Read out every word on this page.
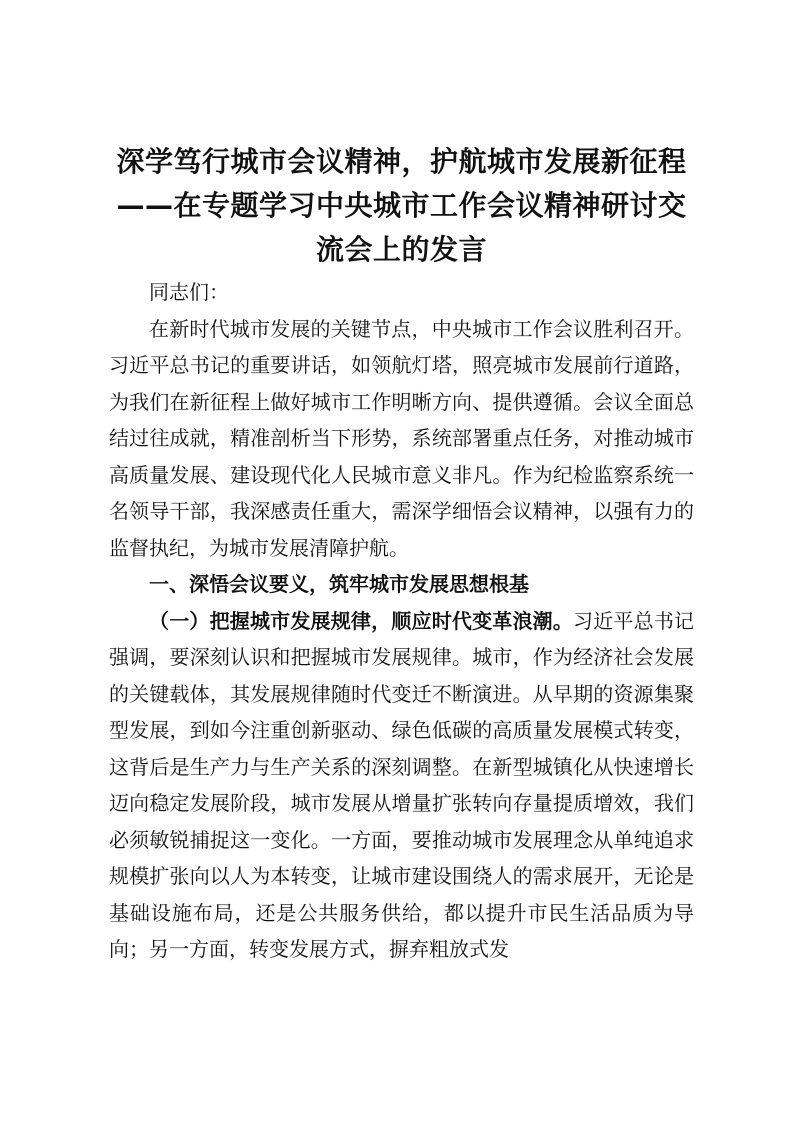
深学笃行城市会议精神，护航城市发展新征程
——在专题学习中央城市工作会议精神研讨交
流会上的发言

同志们：

在新时代城市发展的关键节点，中央城市工作会议胜利召开。习近平总书记的重要讲话，如领航灯塔，照亮城市发展前行道路，为我们在新征程上做好城市工作明晰方向、提供遵循。会议全面总结过往成就，精准剖析当下形势，系统部署重点任务，对推动城市高质量发展、建设现代化人民城市意义非凡。作为纪检监察系统一名领导干部，我深感责任重大，需深学细悟会议精神，以强有力的监督执纪，为城市发展清障护航。

一、深悟会议要义，筑牢城市发展思想根基

（一）把握城市发展规律，顺应时代变革浪潮。习近平总书记强调，要深刻认识和把握城市发展规律。城市，作为经济社会发展的关键载体，其发展规律随时代变迁不断演进。从早期的资源集聚型发展，到如今注重创新驱动、绿色低碳的高质量发展模式转变，这背后是生产力与生产关系的深刻调整。在新型城镇化从快速增长迈向稳定发展阶段，城市发展从增量扩张转向存量提质增效，我们必须敏锐捕捉这一变化。一方面，要推动城市发展理念从单纯追求规模扩张向以人为本转变，让城市建设围绕人的需求展开，无论是基础设施布局，还是公共服务供给，都以提升市民生活品质为导向；另一方面，转变发展方式，摒弃粗放式发
